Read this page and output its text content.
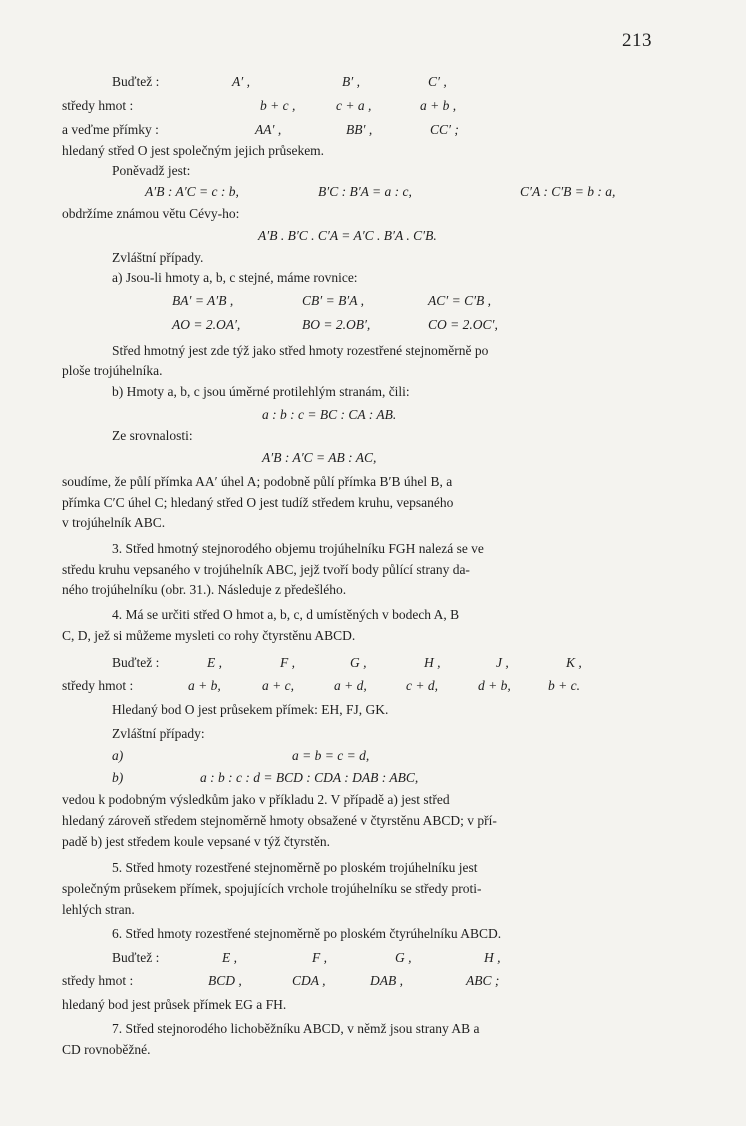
213
Buďtež :	A′ ,	B′ ,	C′ ,
středy hmot :	b + c ,	c + a ,	a + b ,
a veďme přímky :	AA′ ,	BB′ ,	CC′ ;
hledaný střed O jest společným jejich průsekem.
Poněvadž jest:
A′B : A′C = c : b,	B′C : B′A = a : c,	C′A : C′B = b : a,
obdržíme známou větu Cévy-ho:
A′B . B′C . C′A = A′C . B′A . C′B.
Zvláštní případy.
a) Jsou-li hmoty a, b, c stejné, máme rovnice:
BA′ = A′B ,	CB′ = B′A ,	AC′ = C′B ,
AO = 2.OA′,	BO = 2.OB′,	CO = 2.OC′,
Střed hmotný jest zde týž jako střed hmoty rozestřené stejnoměrně po
ploše trojúhelníka.
b) Hmoty a, b, c jsou úměrné protilehlým stranám, čili:
a : b : c = BC : CA : AB.
Ze srovnalosti:
A′B : A′C = AB : AC,
soudíme, že půlí přímka AA′ úhel A; podobně půlí přímka B′B úhel B, a
přímka C′C úhel C; hledaný střed O jest tudíž středem kruhu, vepsaného
v trojúhelník ABC.
3. Střed hmotný stejnorodého objemu trojúhelníku FGH nalezá se ve
středu kruhu vepsaného v trojúhelník ABC, jejž tvoří body půlící strany da-
ného trojúhelníku (obr. 31.). Následuje z předešlého.
4. Má se určiti střed O hmot a, b, c, d umístěných v bodech A, B
C, D, jež si můžeme mysleti co rohy čtyrstěnu ABCD.
Buďtež :	E ,	F ,	G ,	H ,	J ,	K ,
středy hmot :	a + b,	a + c,	a + d,	c + d,	d + b,	b + c.
Hledaný bod O jest průsekem přímek: EH, FJ, GK.
Zvláštní případy:
a)	a = b = c = d,
b)	a : b : c : d = BCD : CDA : DAB : ABC,
vedou k podobným výsledkům jako v příkladu 2. V případě a) jest střed
hledaný zároveň středem stejnoměrně hmoty obsažené v čtyrstěnu ABCD; v pří-
padě b) jest středem koule vepsané v týž čtyrstěn.
5. Střed hmoty rozestřené stejnoměrně po ploském trojúhelníku jest
společným průsekem přímek, spojujících vrchole trojúhelníku se středy proti-
lehlých stran.
6. Střed hmoty rozestřené stejnoměrně po ploském čtyrúhelníku ABCD.
Buďtež :	E ,	F ,	G ,	H ,
středy hmot :	BCD ,	CDA ,	DAB ,	ABC ;
hledaný bod jest průsek přímek EG a FH.
7. Střed stejnorodého lichoběžníku ABCD, v němž jsou strany AB a
CD rovnoběžné.
